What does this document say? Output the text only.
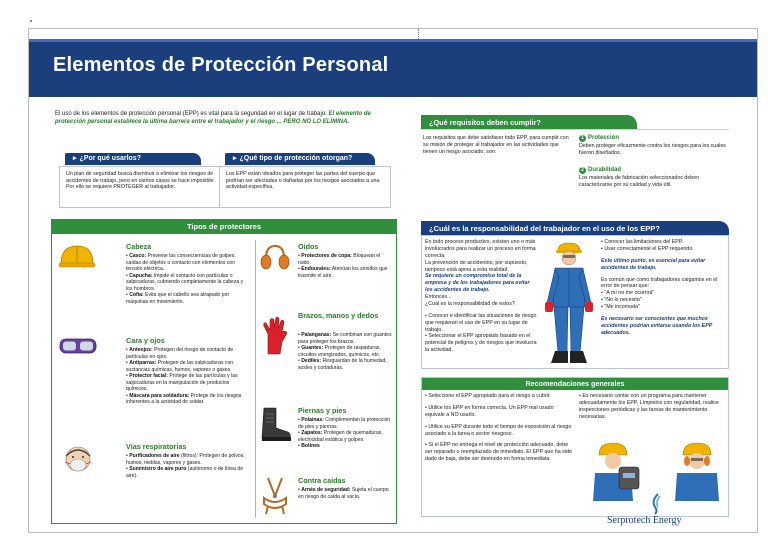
Elementos de Protección Personal
El uso de los elementos de protección personal (EPP) es vital para la seguridad en el lugar de trabajo. El elemento de protección personal establece la última barrera entre el trabajador y el riesgo ... PERO NO LO ELIMINA.
▸ ¿Por qué usarlos?
Un plan de seguridad busca disminuir o eliminar los riesgos de accidentes de trabajo, pero en ciertos casos se hace imposible. Por ello se requiere PROTEGER al trabajador.
▸ ¿Qué tipo de protección otorgan?
Los EPP están ideados para proteger las partes del cuerpo que podrían ser afectadas o dañadas por los riesgos asociados a una actividad específica.
Tipos de protectores
Cabeza
• Casco: Previene las consecuencias de golpes, caídas de objetos o contacto con elementos con tensión eléctrica.
• Capucha: Impide el contacto con partículas o salpicaduras, cubriendo completamente la cabeza y los hombros.
• Cofia: Evita que el cabello sea atrapado por máquinas en movimiento.
Cara y ojos
• Anteojos: Protegen del riesgo de contacto de partículas en ojos.
• Antiparras: Protegen de las salpicaduras con sustancias químicas, humos, vapores o gases.
• Protector facial: Protege de las partículas y las salpicaduras en la manipulación de productos químicos.
• Máscara para soldadura: Protege de los riesgos inherentes a la actividad de soldar.
Vías respiratorias
• Purificadores de aire (filtros): Protegen de polvos, humos, nieblas, vapores y gases.
• Suministro de aire puro (autónomo o de línea de aire).
Oídos
• Protectores de copa: Bloquean el ruido.
• Endourales: Atenúan los sonidos que trasmite el aire.
Brazos, manos y dedos
• Palanganas: Se combinan con guantes para proteger los brazos.
• Guantes: Protegen de raspaduras, circuitos energizados, químicos, etc.
• Dediles: Resguardan de la humedad, sosles y cortaduras.
Piernas y pies
• Polainas: Complementan la protección de pies y piernas.
• Zapatos: Protegen de quemaduras, electricidad estática y golpes.
• Botines
Contra caídas
• Arnés de seguridad: Sujeta el cuerpo en riesgo de caída al vacío.
¿Qué requisitos deben cumplir?
Los requisitos que debe satisfacer todo EPP, para cumplir con su misión de proteger al trabajador en las actividades que tienen un riesgo asociado, son:
1 Protección
Deben proteger eficazmente contra los riesgos para los cuales fueron diseñados.
2 Durabilidad
Los materiales de fabricación seleccionados deben caracterizarse por su calidad y vida útil.
¿Cuál es la responsabilidad del trabajador en el uso de los EPP?
En todo proceso productivo, existen uno o más involucrados para realizar un proceso en forma correcta.
La prevención de accidentes, por supuesto, tampoco está ajena a esta realidad.
Se requiere un compromiso total de la empresa y de los trabajadores para evitar los accidentes de trabajo.
Entonces...
¿Cuál es la responsabilidad de estos?
• Conocer e identificar las situaciones de riesgo que requieran el uso de EPP en su lugar de trabajo.
• Seleccionar el EPP apropiado basado en el potencial de peligros y de riesgos que involucra la actividad.
• Conocer las limitaciones del EPP.
• Usar correctamente el EPP requerido.
Este último punto, es esencial para evitar accidentes de trabajo.
Es común que como trabajadores caigamos en el error de pensar que:
• "A mí no me ocurrirá"
• "No lo necesito"
• "Me incomoda"
Es necesario ser conscientes que muchos accidentes podrían evitarse usando los EPP adecuados.
Recomendaciones generales
• Seleccione el EPP apropiado para el riesgo a cubrir.
• Utilice los EPP en forma correcta. Un EPP mal usado equivale a NO usarlo.
• Utilice su EPP durante todo el tiempo de exposición al riesgo asociado a la tarea o sector riesgoso.
• Si el EPP no entrega el nivel de protección adecuado, debe ser reparado o reemplazado de inmediato. El EPP que ha sido dado de baja, debe ser destruido en forma inmediata.
• Es necesario contar con un programa para mantener adecuadamente los EPP. Límpielos con regularidad, realice inspecciones periódicas y las tareas de mantenimiento necesarias.
Serprotech Energy
